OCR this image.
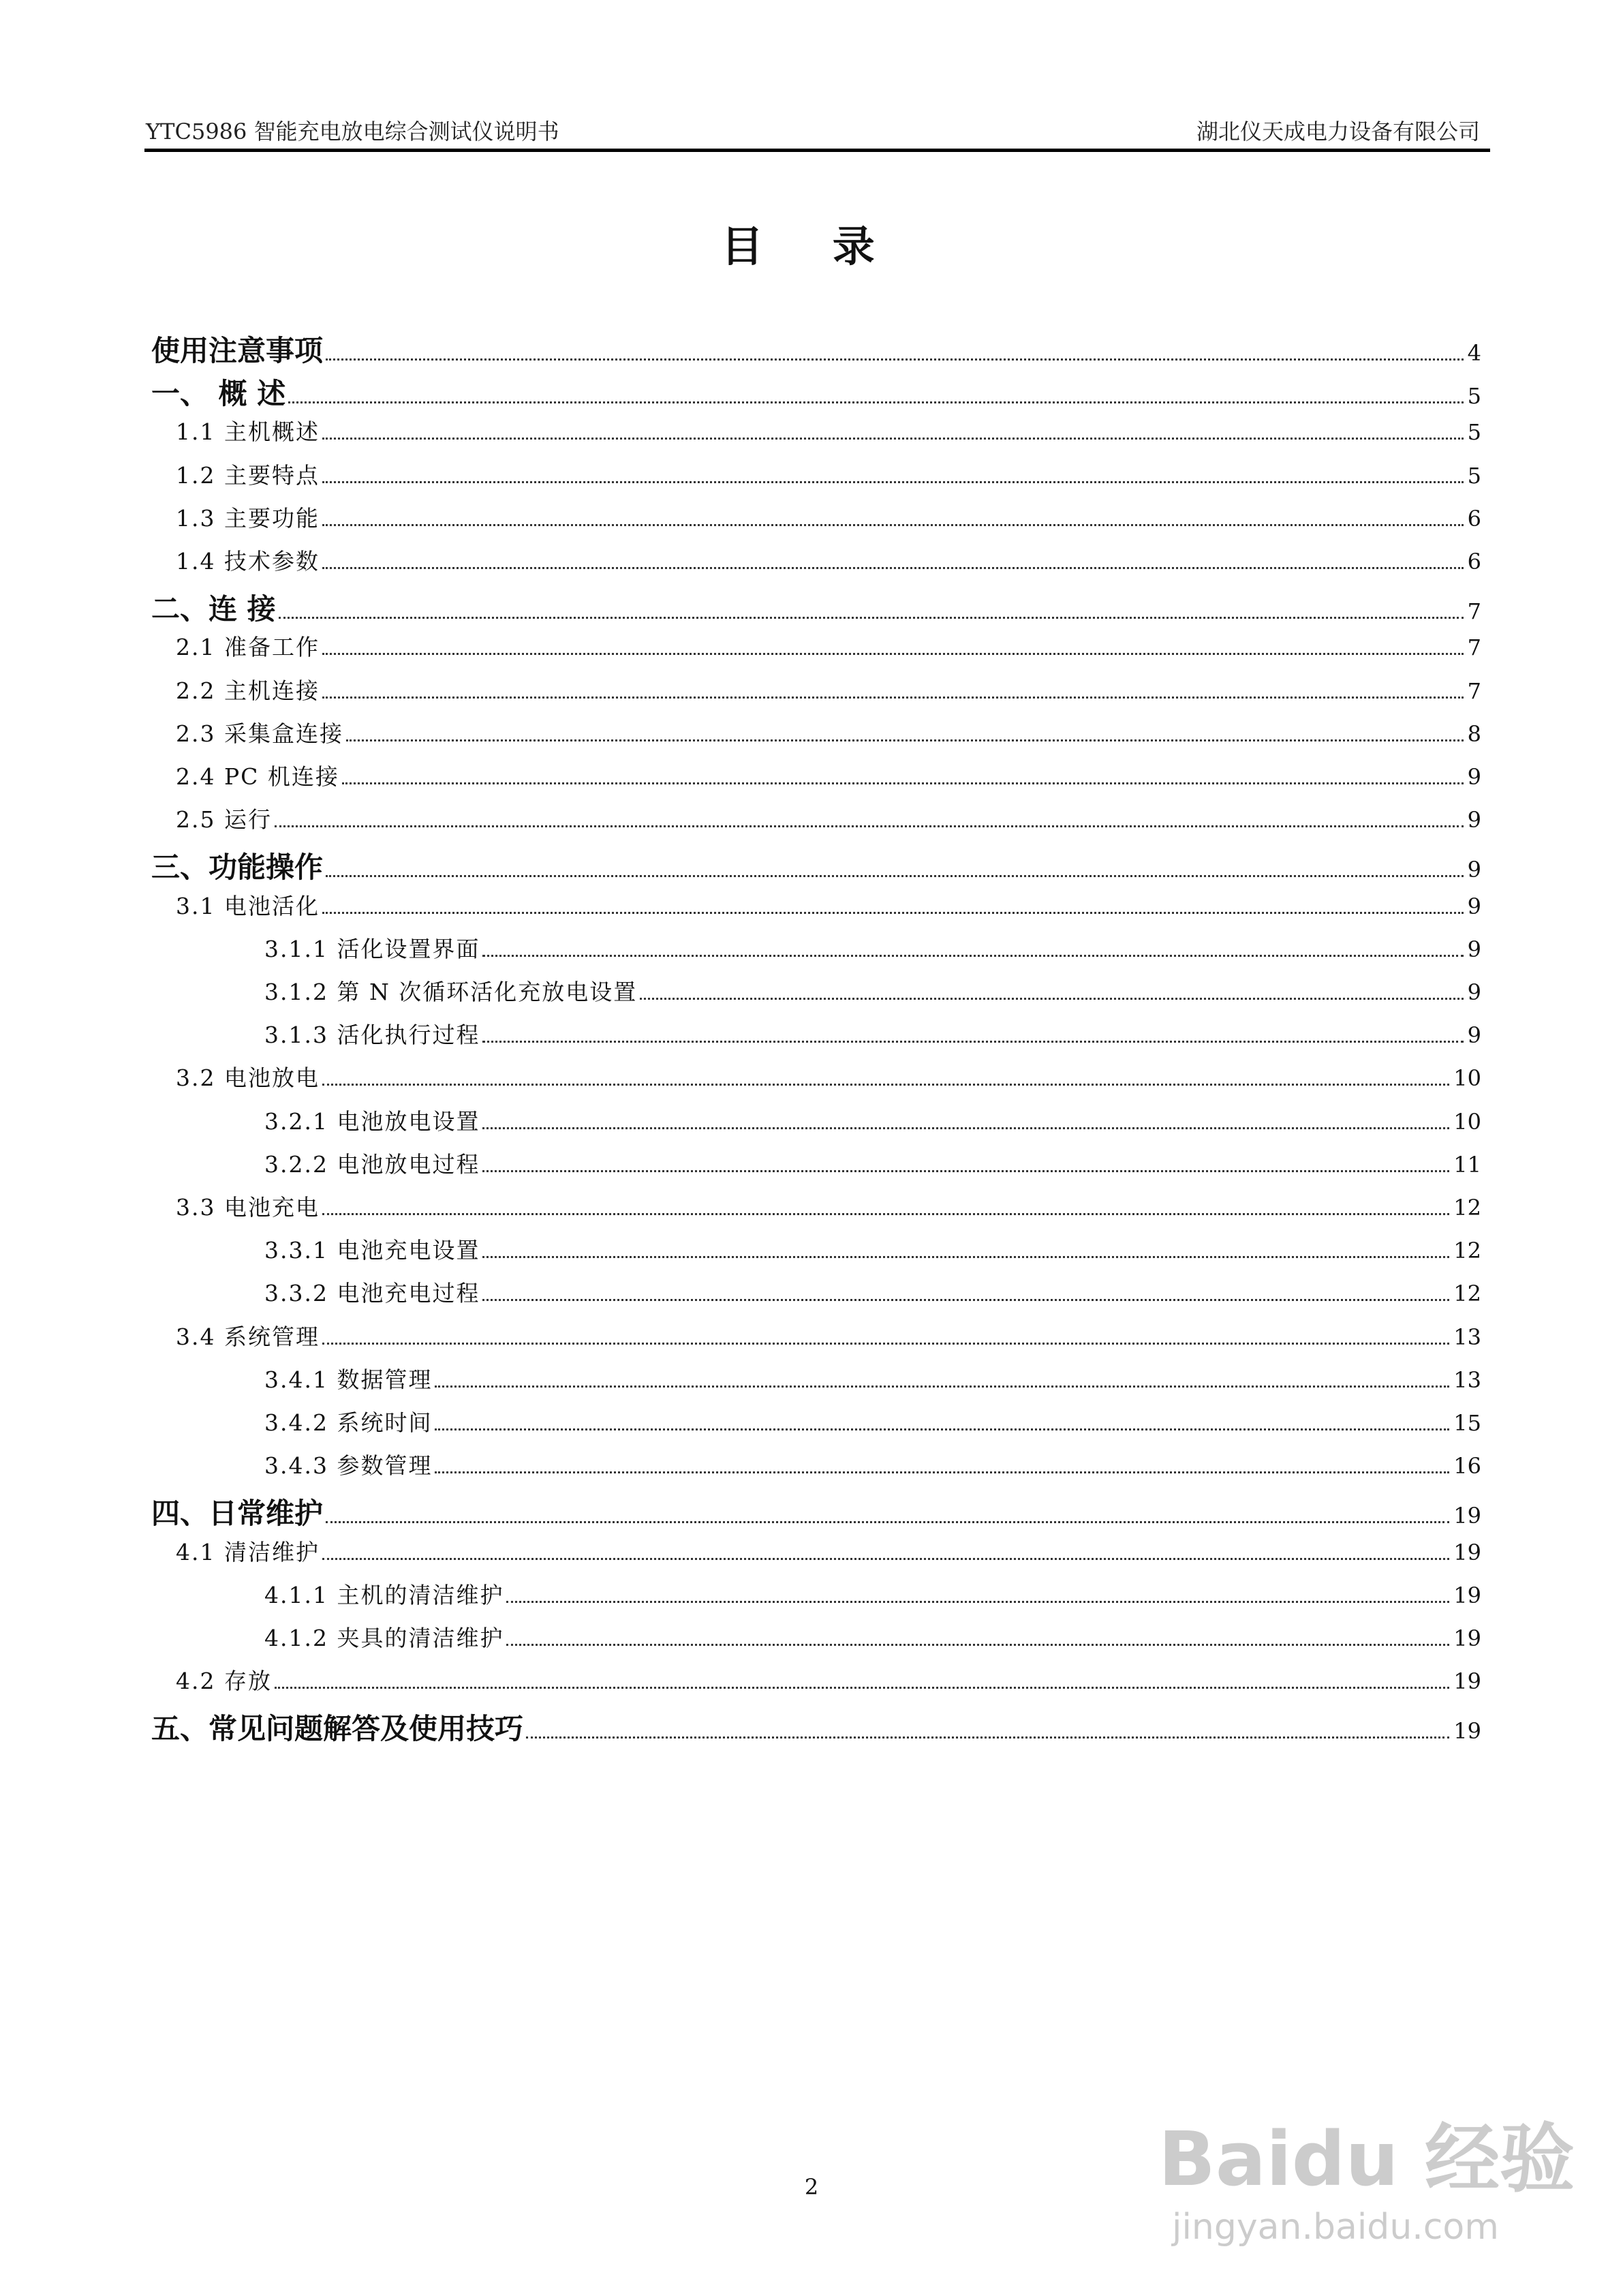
YTC5986 智能充电放电综合测试仪说明书	湖北仪天成电力设备有限公司
目 录
使用注意事项	4
一、 概 述	5
1.1 主机概述	5
1.2 主要特点	5
1.3 主要功能	6
1.4 技术参数	6
二、连 接	7
2.1 准备工作	7
2.2 主机连接	7
2.3 采集盒连接	8
2.4 PC 机连接	9
2.5 运行	9
三、功能操作	9
3.1 电池活化	9
3.1.1 活化设置界面	9
3.1.2 第 N 次循环活化充放电设置	9
3.1.3 活化执行过程	9
3.2 电池放电	10
3.2.1 电池放电设置	10
3.2.2 电池放电过程	11
3.3 电池充电	12
3.3.1 电池充电设置	12
3.3.2 电池充电过程	12
3.4 系统管理	13
3.4.1 数据管理	13
3.4.2 系统时间	15
3.4.3 参数管理	16
四、日常维护	19
4.1 清洁维护	19
4.1.1 主机的清洁维护	19
4.1.2 夹具的清洁维护	19
4.2 存放	19
五、常见问题解答及使用技巧	19
2	Baidu 经验
jingyan.baidu.com
